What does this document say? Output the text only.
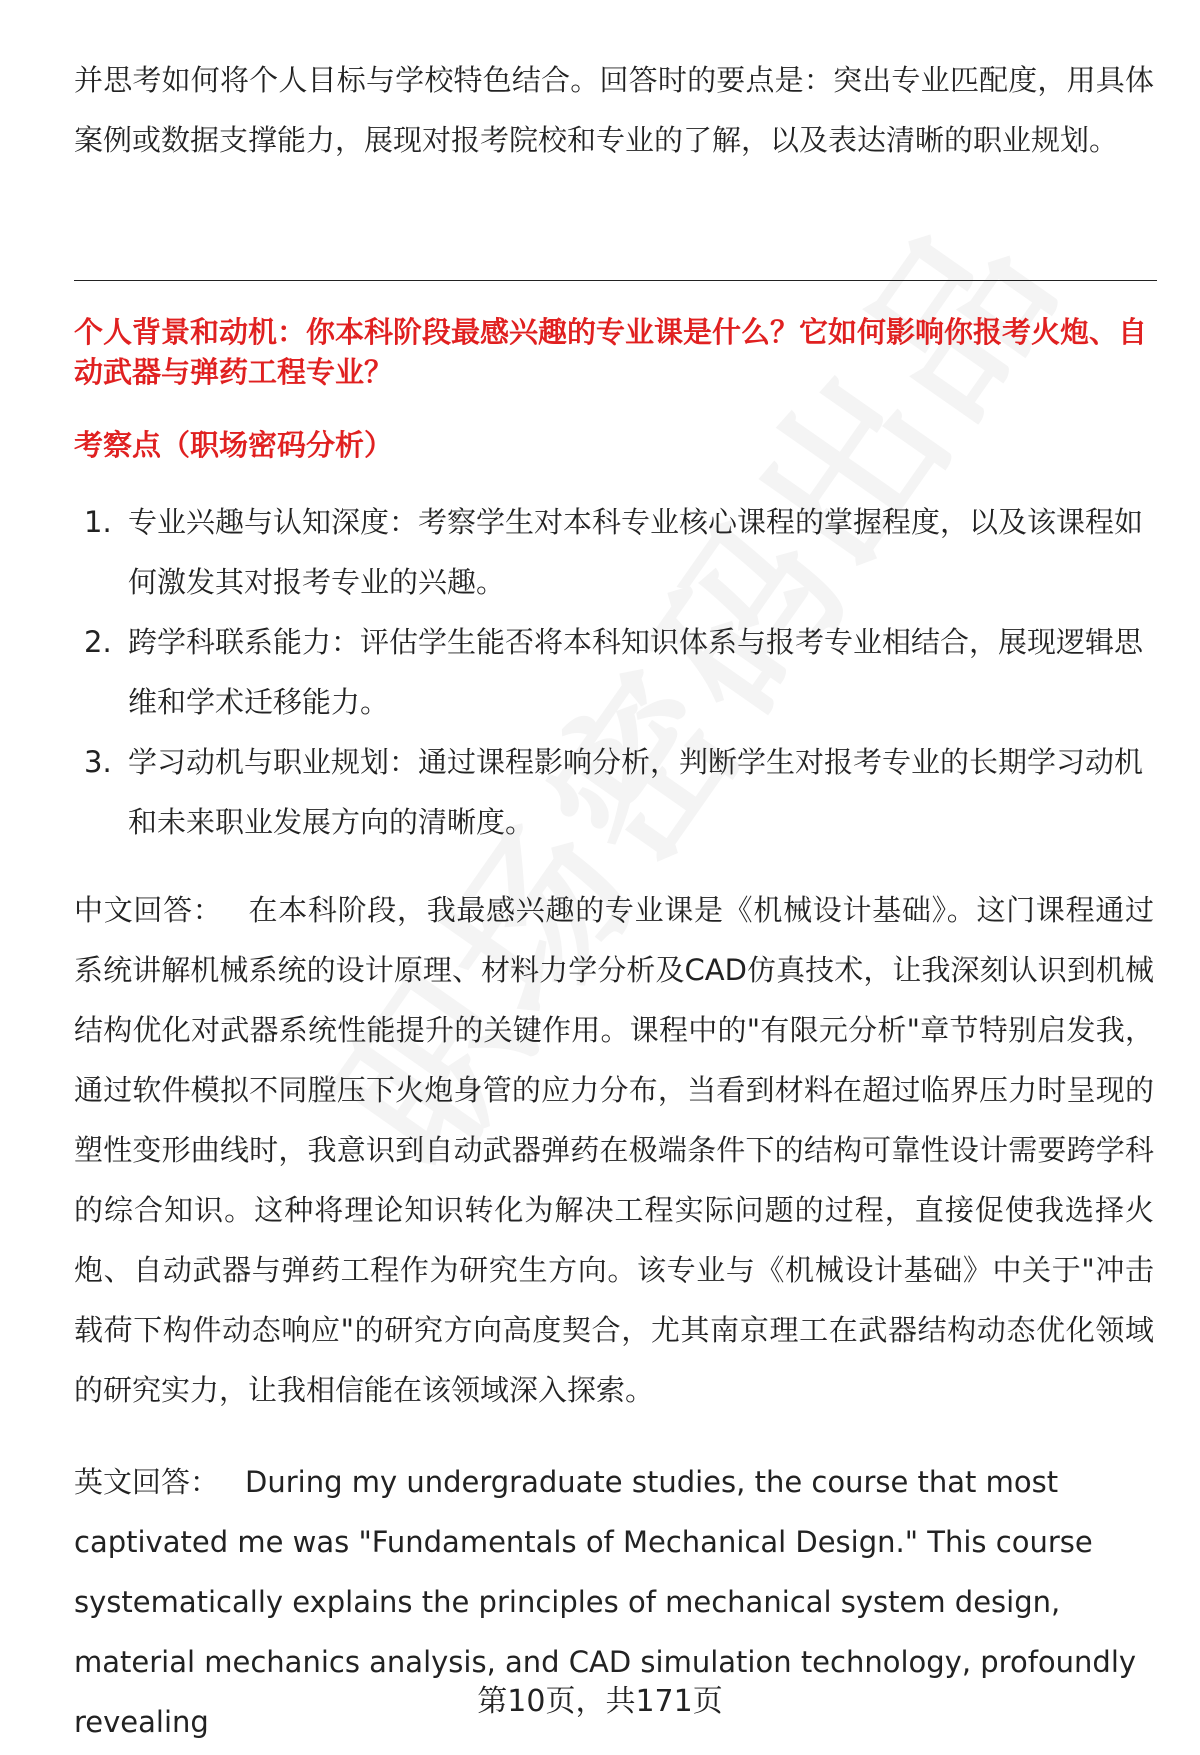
并思考如何将个人目标与学校特色结合。回答时的要点是：突出专业匹配度，用具体案例或数据支撑能力，展现对报考院校和专业的了解，以及表达清晰的职业规划。

个人背景和动机：你本科阶段最感兴趣的专业课是什么？它如何影响你报考火炮、自动武器与弹药工程专业？
考察点（职场密码分析）
1. 专业兴趣与认知深度：考察学生对本科专业核心课程的掌握程度，以及该课程如何激发其对报考专业的兴趣。
2. 跨学科联系能力：评估学生能否将本科知识体系与报考专业相结合，展现逻辑思维和学术迁移能力。
3. 学习动机与职业规划：通过课程影响分析，判断学生对报考专业的长期学习动机和未来职业发展方向的清晰度。

中文回答： 在本科阶段，我最感兴趣的专业课是《机械设计基础》。这门课程通过系统讲解机械系统的设计原理、材料力学分析及CAD仿真技术，让我深刻认识到机械结构优化对武器系统性能提升的关键作用。课程中的"有限元分析"章节特别启发我，通过软件模拟不同膛压下火炮身管的应力分布，当看到材料在超过临界压力时呈现的塑性变形曲线时，我意识到自动武器弹药在极端条件下的结构可靠性设计需要跨学科的综合知识。这种将理论知识转化为解决工程实际问题的过程，直接促使我选择火炮、自动武器与弹药工程作为研究生方向。该专业与《机械设计基础》中关于"冲击载荷下构件动态响应"的研究方向高度契合，尤其南京理工在武器结构动态优化领域的研究实力，让我相信能在该领域深入探索。

英文回答： During my undergraduate studies, the course that most captivated me was "Fundamentals of Mechanical Design." This course systematically explains the principles of mechanical system design, material mechanics analysis, and CAD simulation technology, profoundly revealing

第10页，共171页
